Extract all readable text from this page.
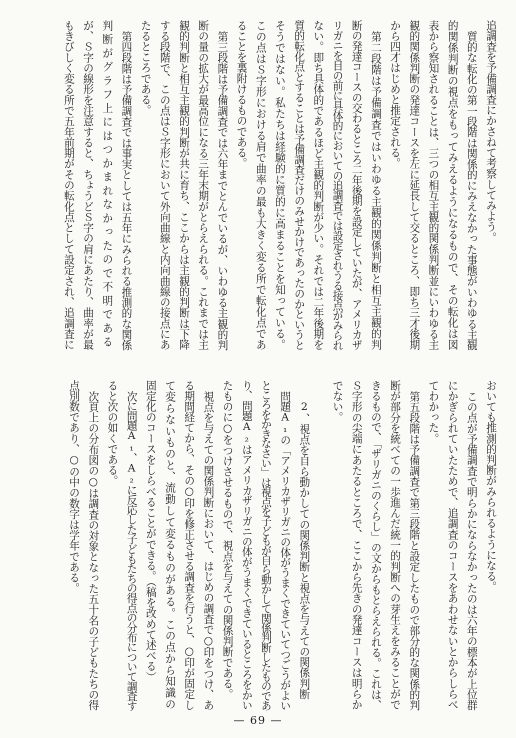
追調査を予備調査にかさねて考察してみよう。
質的な転化の第一段階は関係的にみえなかった事態がいわゆる主観
的関係判断の視点をもってみえるようになるもので、その転化は図
表から察知されることは、三つの相互主観的関係判断並にいわゆる主
観的関係判断の発達コースを左に延長して交るところ、即ち三才後期
から四才はじめと推定される。
第二段階は予備調査ではいわゆる主観的関係判断と相互主観的判
断の発達コースの交わるところ二年後期を設定していたが、アメリカザ
リガニを目の前に具体的においての追調査では設定されうる接点がみられ
ない。即ち具体的であるほど主観的判断が少い。それでは二年後期を
質的転化点とすることは予備調査だけのみせかけであったのかというと
そうではない。私たちは経験的に質的に高まることを知っている。
この点はＳ字形における肩で曲率の最も大きく変る所で転化点であ
ることを裏附けるものである。
第三段階は予備調査では六年までとんでいるが、いわゆる主観的判
断の量の拡大が最高位になる三年末期がとらえられる。これまでは主
観的判断と相互主観的判断が共に育ち、ここからは主観的判断は下降
する段階で、この点はＳ字形において外向曲線と内向曲線の接点にあ
たるところである。
第四段階は予備調査では事実としては五年にみられる推測的な関係
判断がグラフ上にはつかまれなかったので不明である
が、Ｓ字の線形を注意すると、ちょうどＳ字の肩にあたり、曲率が最
もきびしく変る所で五年前期がその転化点として設定され、追調査に
おいても推測的判断がみられるようになる。
この点が予備調査で明らかにならなかったのは六年の標本が上位群
にかぎられていたためで、追調査のコースをあわせないとからしらべ
てわかった。
第五段階は予備調査で第三段階と設定したもので部分的な関係的判
断が部分を統べての一歩進んだ統一的判断への芽生えをみることがで
きるもので、「ザリガニのくらし」の文からもとらえられる。これは、
Ｓ字形の尖端にあたるところで、ここから先きの発達コースは明らか
でない。
2、視点を自ら動かしての関係判断と視点を与えての関係判断
問題A₁の「アメリカザリガニの体がうまくできていてつごうがよい
ところをかきなさい」は視点を子どもが自ら動かして関係判断したものであ
り、問題A₂はアメリカザリガニの体がうまくできているところをかい
たものに○をつけさせるもので、視点を与えての関係判断である。
視点を与えての関係判断において、はじめの調査で○印をつけ、あ
る期間経てから、その○印を修正させる調査を行うと、○印が固定し
て変らないものと、流動して変るものがある。この点から知識の
固定化のコースをしらべることができる。（稿を改めて述べる）
次に問題A₁、A₂に反応した子どもたちの得点の分布について調査す
ると次の如くである。
次頁上の分布図の○は調査の対象となった五十名の子どもたちの得
点別数であり、○の中の数字は学年である。
— 69 —
